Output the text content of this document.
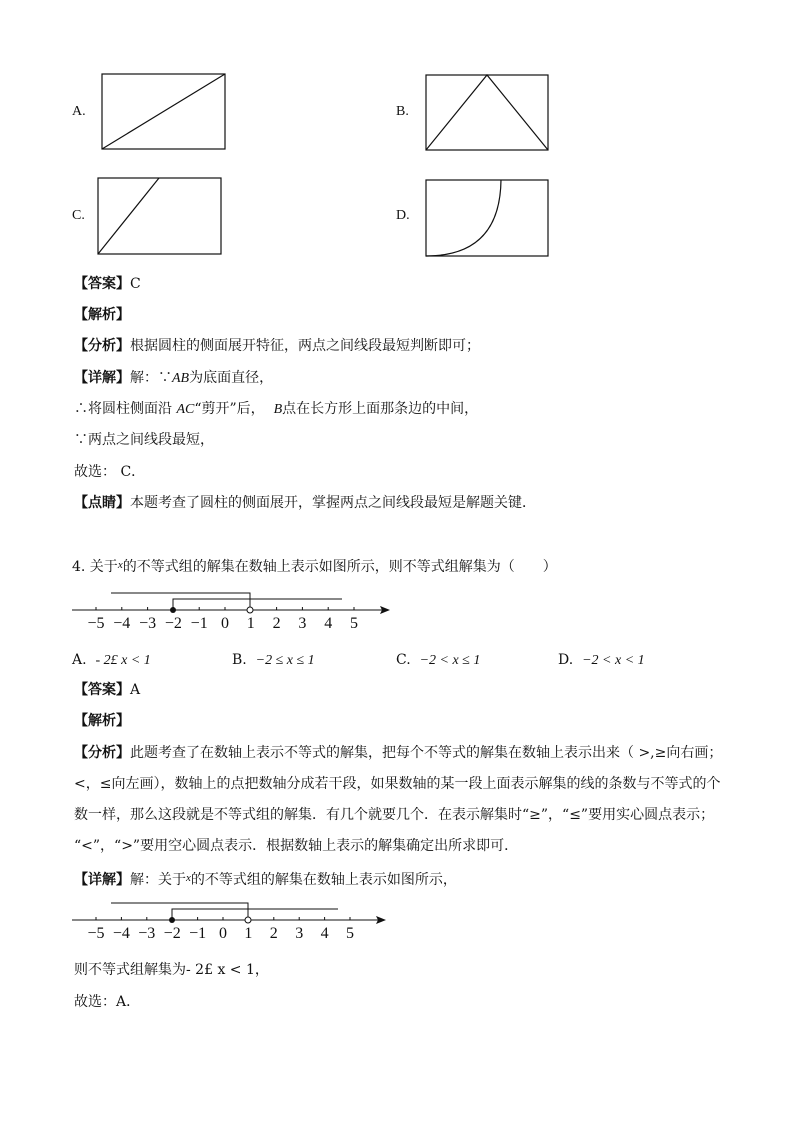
A.	B.
C.	D.
【答案】C
【解析】
【分析】根据圆柱的侧面展开特征，两点之间线段最短判断即可；
【详解】解：∵AB为底面直径，
∴将圆柱侧面沿 AC“剪开”后， B点在长方形上面那条边的中间，
∵两点之间线段最短，
故选： C．
【点睛】本题考查了圆柱的侧面展开，掌握两点之间线段最短是解题关键．
4. 关于$^x$的不等式组的解集在数轴上表示如图所示，则不等式组解集为（　　）
−5 −4 −3 −2 −1 0 1 2 3 4 5
A. - 2£ x < 1	B. −2 ≤ x ≤ 1	C. −2 < x ≤ 1	D. −2 < x < 1
【答案】A
【解析】
【分析】此题考查了在数轴上表示不等式的解集，把每个不等式的解集在数轴上表示出来（ >,≥向右画；
<，≤向左画），数轴上的点把数轴分成若干段，如果数轴的某一段上面表示解集的线的条数与不等式的个
数一样，那么这段就是不等式组的解集．有几个就要几个．在表示解集时“≥”，“≤”要用实心圆点表示；
“<”，“>”要用空心圆点表示．根据数轴上表示的解集确定出所求即可．
【详解】解：关于$^x$的不等式组的解集在数轴上表示如图所示，
−5 −4 −3 −2 −1 0 1 2 3 4 5
则不等式组解集为- 2£ x < 1，
故选：A．
